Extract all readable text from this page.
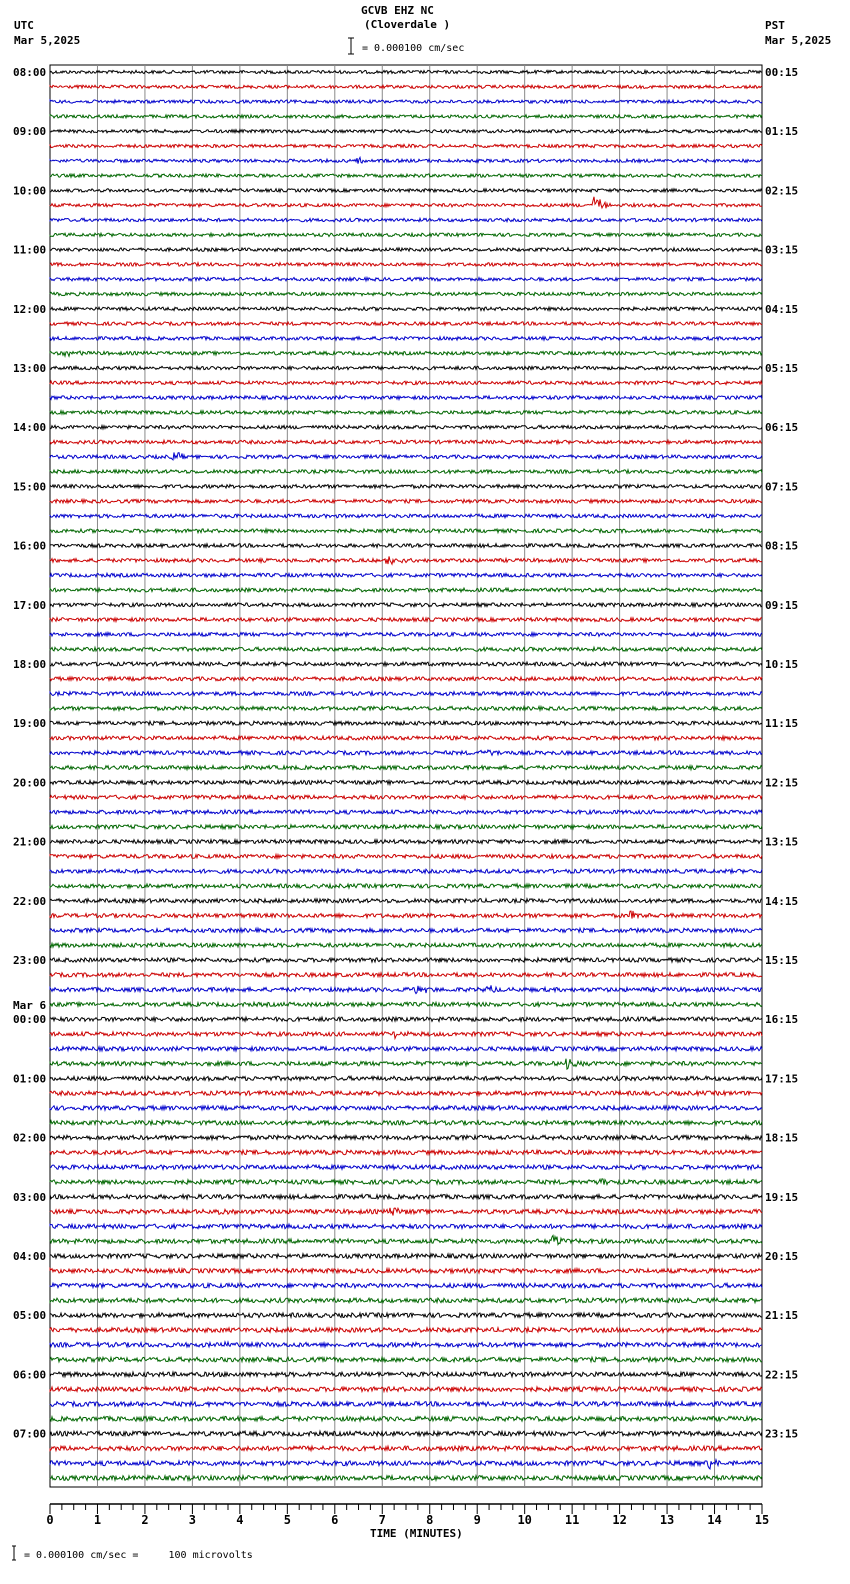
GCVB EHZ NC
(Cloverdale )
UTC
Mar 5,2025
PST
Mar 5,2025
= 0.000100 cm/sec
TIME (MINUTES)
= 0.000100 cm/sec =     100 microvolts
0	1	2	3	4	5	6	7	8	9	10	11	12	13	14	15
08:00
09:00
10:00
11:00
12:00
13:00
14:00
15:00
16:00
17:00
18:00
19:00
20:00
21:00
22:00
23:00
00:00
Mar 6
01:00
02:00
03:00
04:00
05:00
06:00
07:00
00:15
01:15
02:15
03:15
04:15
05:15
06:15
07:15
08:15
09:15
10:15
11:15
12:15
13:15
14:15
15:15
16:15
17:15
18:15
19:15
20:15
21:15
22:15
23:15
